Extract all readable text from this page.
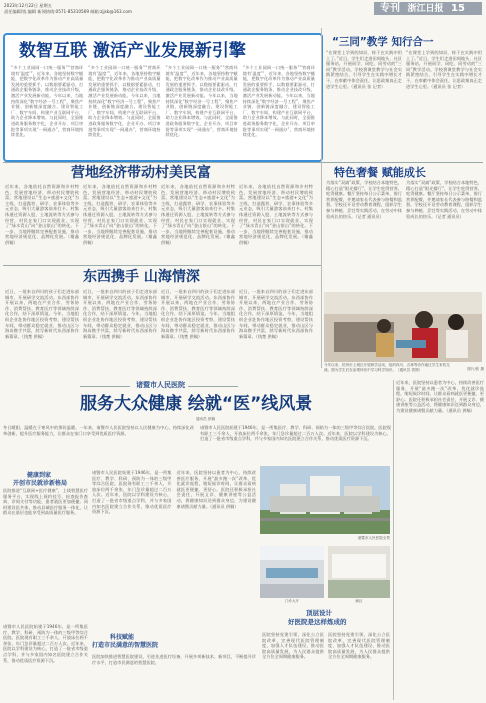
2023年12月22日 星期五
责任编辑/钱 编辑 新闻热线:0571-85310569 邮箱:zjjsb@163.com	专刊 浙江日报 15
数智互联 激活产业发展新引擎
“多个工业园网一口统一服务”“营商环境有‘温度’”，近年来，各地坚持数字赋能，把数字化改革作为推动产业高质量发展的重要抓手，以数据要素驱动，打通政企服务链条，推动企业技改升级，激活产业发展新动能。今年以来，当地持续深化“数字经济一号工程”，聚焦产业链、创新链深度融合，建设智能工厂、数字车间，构建产业互联网平台，助力企业降本增效。与此同时，全面推进政务服务数字化，企业开办、项目审批等事项实现“一网通办”，营商环境持续优化。
“多个工业园网一口统一服务”“营商环境有‘温度’”，近年来，各地坚持数字赋能，把数字化改革作为推动产业高质量发展的重要抓手，以数据要素驱动，打通政企服务链条，推动企业技改升级，激活产业发展新动能。今年以来，当地持续深化“数字经济一号工程”，聚焦产业链、创新链深度融合，建设智能工厂、数字车间，构建产业互联网平台，助力企业降本增效。与此同时，全面推进政务服务数字化，企业开办、项目审批等事项实现“一网通办”，营商环境持续优化。
“多个工业园网一口统一服务”“营商环境有‘温度’”，近年来，各地坚持数字赋能，把数字化改革作为推动产业高质量发展的重要抓手，以数据要素驱动，打通政企服务链条，推动企业技改升级，激活产业发展新动能。今年以来，当地持续深化“数字经济一号工程”，聚焦产业链、创新链深度融合，建设智能工厂、数字车间，构建产业互联网平台，助力企业降本增效。与此同时，全面推进政务服务数字化，企业开办、项目审批等事项实现“一网通办”，营商环境持续优化。
“多个工业园网一口统一服务”“营商环境有‘温度’”，近年来，各地坚持数字赋能，把数字化改革作为推动产业高质量发展的重要抓手，以数据要素驱动，打通政企服务链条，推动企业技改升级，激活产业发展新动能。今年以来，当地持续深化“数字经济一号工程”，聚焦产业链、创新链深度融合，建设智能工厂、数字车间，构建产业互联网平台，助力企业降本增效。与此同时，全面推进政务服务数字化，企业开办、项目审批等事项实现“一网通办”，营商环境持续优化。
“三同”教学 知行合一
“在课堂上学到的知识，终于在实践中用上了。”近日，学生们走进田间地头、社区服务站，开展同学、同吃、同劳动的“三同”教学活动。学校将课堂教学与社会实践紧密结合，引导学生在实践中增长才干，在奉献中体会责任，让思政课真正走进学生心里。（通讯员 张 记者）
“在课堂上学到的知识，终于在实践中用上了。”近日，学生们走进田间地头、社区服务站，开展同学、同吃、同劳动的“三同”教学活动。学校将课堂教学与社会实践紧密结合，引导学生在实践中增长才干，在奉献中体会责任，让思政课真正走进学生心里。（通讯员 张 记者）
营地经济带动村美民富
近年来，各地依托自然资源和乡村特色，发展营地经济，带动村民增收致富。营地建设以“生态+旅游+文化”为主线，打造露营、研学、农事体验等多元业态，吸引大量游客前来打卡。村集体通过资源入股、土地流转等方式参与经营，村民在家门口实现就业，实现了“绿水青山”向“金山银山”的转化。下一步，当地将继续完善配套设施，推动营地经济规范化、品牌化发展。（谢鑫 供稿）
近年来，各地依托自然资源和乡村特色，发展营地经济，带动村民增收致富。营地建设以“生态+旅游+文化”为主线，打造露营、研学、农事体验等多元业态，吸引大量游客前来打卡。村集体通过资源入股、土地流转等方式参与经营，村民在家门口实现就业，实现了“绿水青山”向“金山银山”的转化。下一步，当地将继续完善配套设施，推动营地经济规范化、品牌化发展。（谢鑫 供稿）
近年来，各地依托自然资源和乡村特色，发展营地经济，带动村民增收致富。营地建设以“生态+旅游+文化”为主线，打造露营、研学、农事体验等多元业态，吸引大量游客前来打卡。村集体通过资源入股、土地流转等方式参与经营，村民在家门口实现就业，实现了“绿水青山”向“金山银山”的转化。下一步，当地将继续完善配套设施，推动营地经济规范化、品牌化发展。（谢鑫 供稿）
近年来，各地依托自然资源和乡村特色，发展营地经济，带动村民增收致富。营地建设以“生态+旅游+文化”为主线，打造露营、研学、农事体验等多元业态，吸引大量游客前来打卡。村集体通过资源入股、土地流转等方式参与经营，村民在家门口实现就业，实现了“绿水青山”向“金山银山”的转化。下一步，当地将继续完善配套设施，推动营地经济规范化、品牌化发展。（谢鑫 供稿）
特色奢餐 赋能成长
为落实“双减”政策，学校结合本地特色，精心打造“阳光餐厅”，让学生吃得营养、吃得健康。餐厅坚持每日公示菜单，推行营养配餐，并邀请家长代表参与陪餐和监督。学校还开设劳动教育课程，组织学生参与种植、烹饪等实践活动，在劳动中体验成长的快乐。（记者 通讯员）
为落实“双减”政策，学校结合本地特色，精心打造“阳光餐厅”，让学生吃得营养、吃得健康。餐厅坚持每日公示菜单，推行营养配餐，并邀请家长代表参与陪餐和监督。学校还开设劳动教育课程，组织学生参与种植、烹饪等实践活动，在劳动中体验成长的快乐。（记者 通讯员）
东西携手 山海情深
近日，一批来自四川的孩子们走进东部城市，开展研学交流活动。东西部协作开展以来，两地在产业合作、劳务协作、消费帮扶、教育医疗等领域持续深化合作，结下深厚情谊。今年，当地组织企业赴协作地区投资考察，建设帮扶车间，带动群众稳定就业，推动山区与海岛携手共富，续写新时代东西部协作新篇章。（钱楚 供稿）
近日，一批来自四川的孩子们走进东部城市，开展研学交流活动。东西部协作开展以来，两地在产业合作、劳务协作、消费帮扶、教育医疗等领域持续深化合作，结下深厚情谊。今年，当地组织企业赴协作地区投资考察，建设帮扶车间，带动群众稳定就业，推动山区与海岛携手共富，续写新时代东西部协作新篇章。（钱楚 供稿）
近日，一批来自四川的孩子们走进东部城市，开展研学交流活动。东西部协作开展以来，两地在产业合作、劳务协作、消费帮扶、教育医疗等领域持续深化合作，结下深厚情谊。今年，当地组织企业赴协作地区投资考察，建设帮扶车间，带动群众稳定就业，推动山区与海岛携手共富，续写新时代东西部协作新篇章。（钱楚 供稿）
近日，一批来自四川的孩子们走进东部城市，开展研学交流活动。东西部协作开展以来，两地在产业合作、劳务协作、消费帮扶、教育医疗等领域持续深化合作，结下深厚情谊。今年，当地组织企业赴协作地区投资考察，建设帮扶车间，带动群众稳定就业，推动山区与海岛携手共富，续写新时代东西部协作新篇章。（钱楚 供稿）
今年以来，杭州市上城区开展研学活动，组织四川、吉林等协作地区学生来杭交流。图为学生们在参观体验中学习科学知识。（通讯员 供图）	图片/张 摄
诸暨市人民医院
服务大众健康 绘就“医”线风景
通讯员 供稿
冬日暖阳，温暖在于寒风中的那份温暖。一年来，诸暨市人民医院坚持以人民健康为中心，持续深化改革创新，提升医疗服务能力，让群众在家门口享受到优质医疗资源。
诸暨市人民医院始建于1946年，是一所集医疗、教学、科研、预防为一体的三级甲等综合医院。医院现有职工三千余人，开放床位两千余张，年门急诊量超过二百万人次。近年来，医院以学科建设为核心，打造了一批省市级重点学科，并与多家国内知名医院建立合作关系，推动优质医疗资源下沉。
诸暨市人民医院全景
健康到家
开创市民就诊新格局
医院推进“互联网+医疗健康”，上线智慧医疗服务平台，实现线上预约挂号、检查报告查询、诊间支付等功能，患者就医更加便捷。同时建设医共体，推动县域医疗服务一体化，让群众在基层也能享受到高质量医疗服务。
诸暨市人民医院始建于1946年，是一所集医疗、教学、科研、预防为一体的三级甲等综合医院。医院现有职工三千余人，开放床位两千余张，年门急诊量超过二百万人次。近年来，医院以学科建设为核心，打造了一批省市级重点学科，并与多家国内知名医院建立合作关系，推动优质医疗资源下沉。
诸暨市人民医院始建于1946年，是一所集医疗、教学、科研、预防为一体的三级甲等综合医院。医院现有职工三千余人，开放床位两千余张，年门急诊量超过二百万人次。近年来，医院以学科建设为核心，打造了一批省市级重点学科，并与多家国内知名医院建立合作关系，推动优质医疗资源下沉。
近年来，医院坚持以患者为中心，持续改善医疗服务，开展“最多跑一次”改革，优化就诊流程，缩短候诊时间，让群众看病就医更便捷、更舒心。医院还积极承担社会责任，开展义诊、健康讲座等公益活动，将健康知识送到群众身边，为建设健康诸暨贡献力量。（通讯员 供稿）
科技赋能
打造市民满意的智慧医院
医院加快推进智慧医院建设，引进先进医疗设备，开展多项新技术、新项目，不断提升诊疗水平，打造市民满意的智慧医院。
门诊大厅	病区
顶层设计
好医院是这样炼成的
医院坚持党建引领，深化公立医院改革，完善现代医院管理制度，加强人才队伍建设，推动医院高质量发展，为人民群众提供全方位全周期健康服务。
医院坚持党建引领，深化公立医院改革，完善现代医院管理制度，加强人才队伍建设，推动医院高质量发展，为人民群众提供全方位全周期健康服务。
近年来，医院坚持以患者为中心，持续改善医疗服务，开展“最多跑一次”改革，优化就诊流程，缩短候诊时间，让群众看病就医更便捷、更舒心。医院还积极承担社会责任，开展义诊、健康讲座等公益活动，将健康知识送到群众身边，为建设健康诸暨贡献力量。（通讯员 供稿）
